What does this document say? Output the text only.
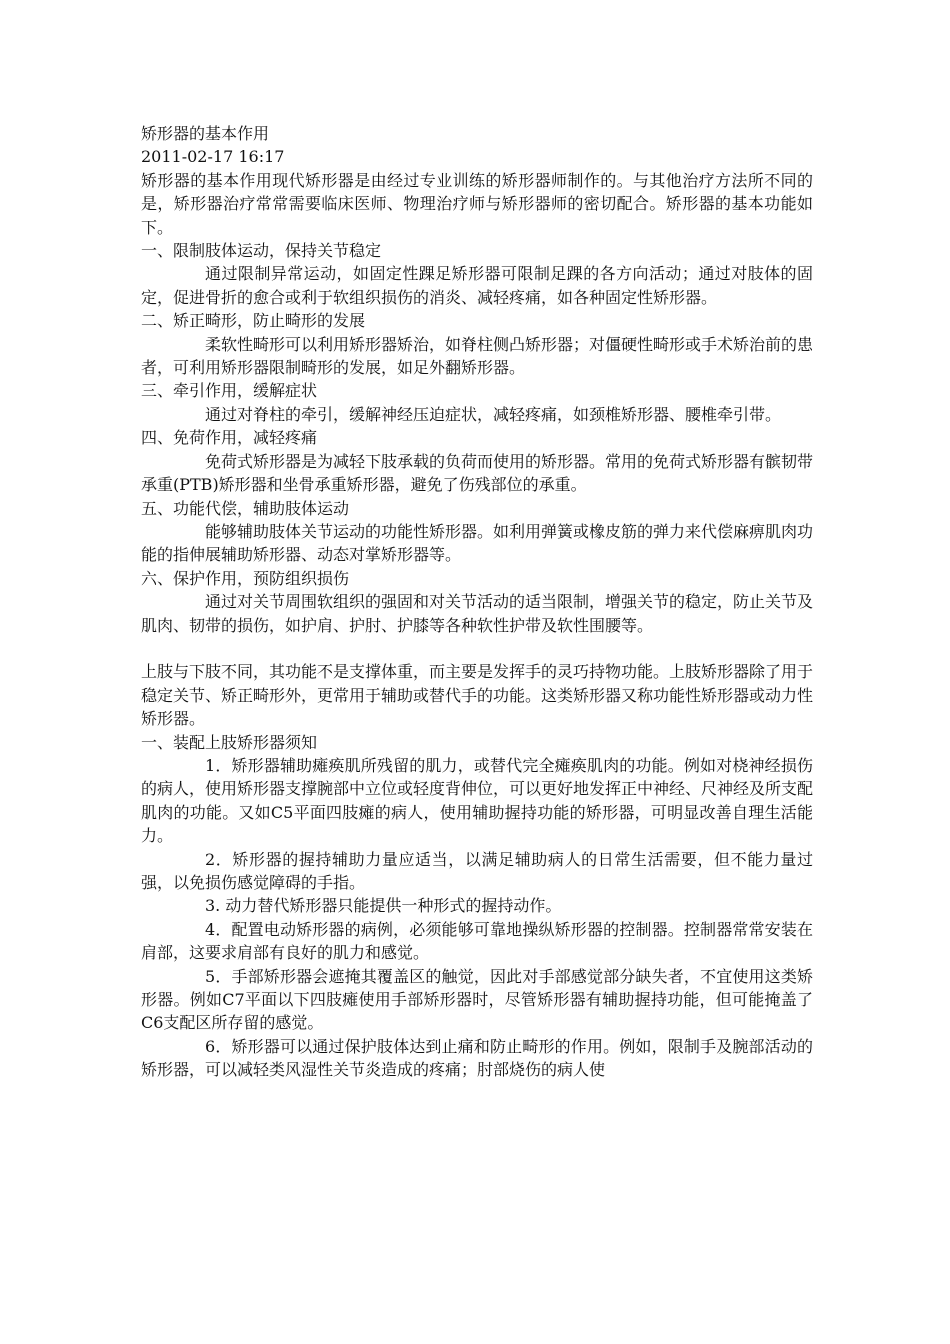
矫形器的基本作用

2011-02-17 16:17

矫形器的基本作用现代矫形器是由经过专业训练的矫形器师制作的。与其他治疗方法所不同的是，矫形器治疗常常需要临床医师、物理治疗师与矫形器师的密切配合。矫形器的基本功能如下。

一、限制肢体运动，保持关节稳定

通过限制异常运动，如固定性踝足矫形器可限制足踝的各方向活动；通过对肢体的固定，促进骨折的愈合或利于软组织损伤的消炎、减轻疼痛，如各种固定性矫形器。

二、矫正畸形，防止畸形的发展

柔软性畸形可以利用矫形器矫治，如脊柱侧凸矫形器；对僵硬性畸形或手术矫治前的患者，可利用矫形器限制畸形的发展，如足外翻矫形器。

三、牵引作用，缓解症状

通过对脊柱的牵引，缓解神经压迫症状，减轻疼痛，如颈椎矫形器、腰椎牵引带。

四、免荷作用，减轻疼痛

免荷式矫形器是为减轻下肢承载的负荷而使用的矫形器。常用的免荷式矫形器有髌韧带承重(PTB)矫形器和坐骨承重矫形器，避免了伤残部位的承重。

五、功能代偿，辅助肢体运动

能够辅助肢体关节运动的功能性矫形器。如利用弹簧或橡皮筋的弹力来代偿麻痹肌肉功能的指伸展辅助矫形器、动态对掌矫形器等。

六、保护作用，预防组织损伤

通过对关节周围软组织的强固和对关节活动的适当限制，增强关节的稳定，防止关节及肌肉、韧带的损伤，如护肩、护肘、护膝等各种软性护带及软性围腰等。

上肢与下肢不同，其功能不是支撑体重，而主要是发挥手的灵巧持物功能。上肢矫形器除了用于稳定关节、矫正畸形外，更常用于辅助或替代手的功能。这类矫形器又称功能性矫形器或动力性矫形器。

一、装配上肢矫形器须知

1．矫形器辅助瘫痪肌所残留的肌力，或替代完全瘫痪肌肉的功能。例如对桡神经损伤的病人，使用矫形器支撑腕部中立位或轻度背伸位，可以更好地发挥正中神经、尺神经及所支配肌肉的功能。又如C5平面四肢瘫的病人，使用辅助握持功能的矫形器，可明显改善自理生活能力。

2．矫形器的握持辅助力量应适当，以满足辅助病人的日常生活需要，但不能力量过强，以免损伤感觉障碍的手指。

3. 动力替代矫形器只能提供一种形式的握持动作。

4．配置电动矫形器的病例，必须能够可靠地操纵矫形器的控制器。控制器常常安装在肩部，这要求肩部有良好的肌力和感觉。

5．手部矫形器会遮掩其覆盖区的触觉，因此对手部感觉部分缺失者，不宜使用这类矫形器。例如C7平面以下四肢瘫使用手部矫形器时，尽管矫形器有辅助握持功能，但可能掩盖了C6支配区所存留的感觉。

6．矫形器可以通过保护肢体达到止痛和防止畸形的作用。例如，限制手及腕部活动的矫形器，可以减轻类风湿性关节炎造成的疼痛；肘部烧伤的病人使
